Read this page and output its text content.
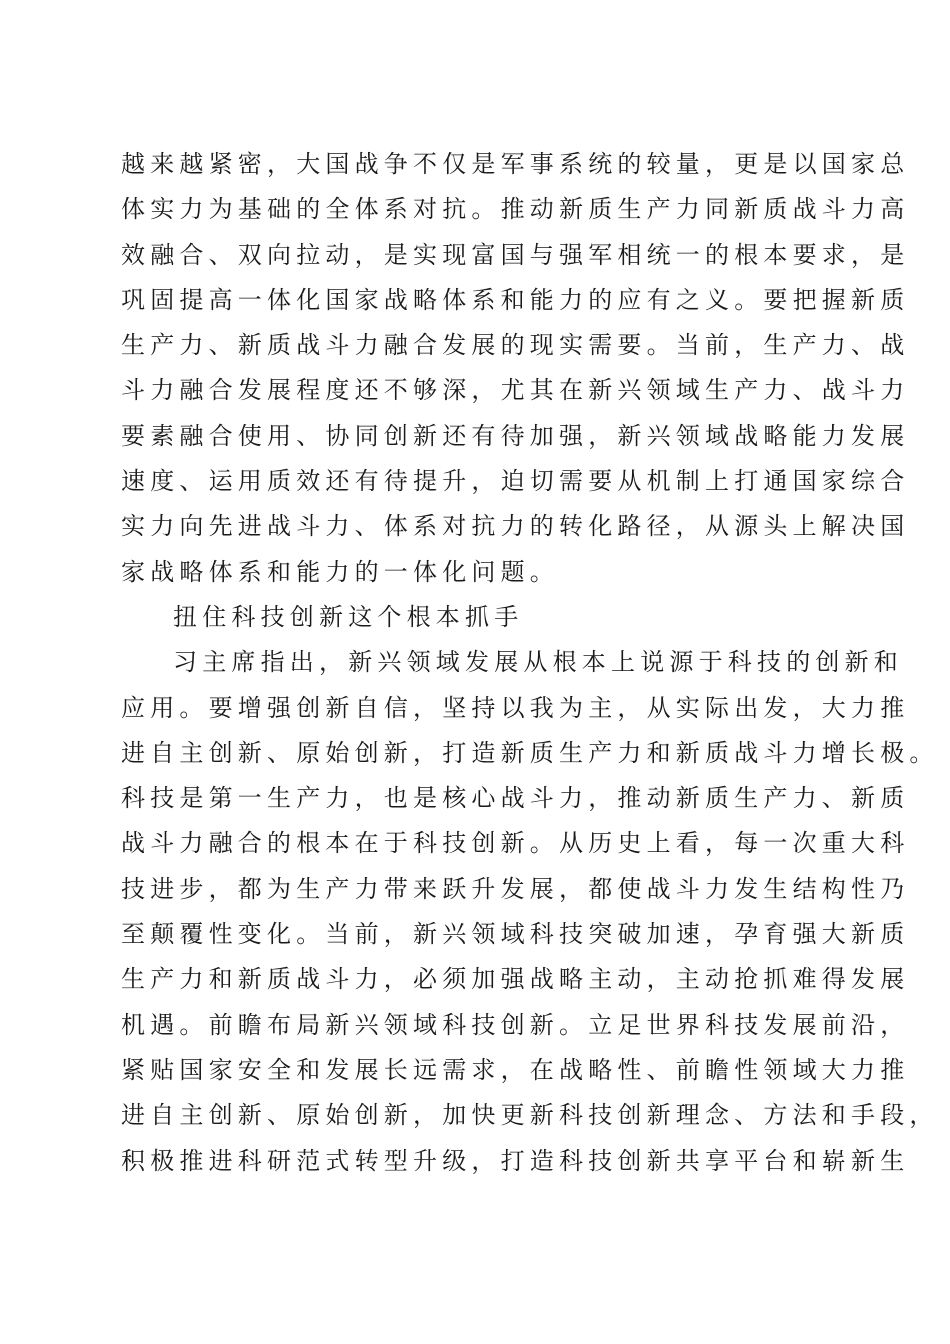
越来越紧密，大国战争不仅是军事系统的较量，更是以国家总
体实力为基础的全体系对抗。推动新质生产力同新质战斗力高
效融合、双向拉动，是实现富国与强军相统一的根本要求，是
巩固提高一体化国家战略体系和能力的应有之义。要把握新质
生产力、新质战斗力融合发展的现实需要。当前，生产力、战
斗力融合发展程度还不够深，尤其在新兴领域生产力、战斗力
要素融合使用、协同创新还有待加强，新兴领域战略能力发展
速度、运用质效还有待提升，迫切需要从机制上打通国家综合
实力向先进战斗力、体系对抗力的转化路径，从源头上解决国
家战略体系和能力的一体化问题。
扭住科技创新这个根本抓手
习主席指出，新兴领域发展从根本上说源于科技的创新和
应用。要增强创新自信，坚持以我为主，从实际出发，大力推
进自主创新、原始创新，打造新质生产力和新质战斗力增长极。
科技是第一生产力，也是核心战斗力，推动新质生产力、新质
战斗力融合的根本在于科技创新。从历史上看，每一次重大科
技进步，都为生产力带来跃升发展，都使战斗力发生结构性乃
至颠覆性变化。当前，新兴领域科技突破加速，孕育强大新质
生产力和新质战斗力，必须加强战略主动，主动抢抓难得发展
机遇。前瞻布局新兴领域科技创新。立足世界科技发展前沿，
紧贴国家安全和发展长远需求，在战略性、前瞻性领域大力推
进自主创新、原始创新，加快更新科技创新理念、方法和手段，
积极推进科研范式转型升级，打造科技创新共享平台和崭新生
